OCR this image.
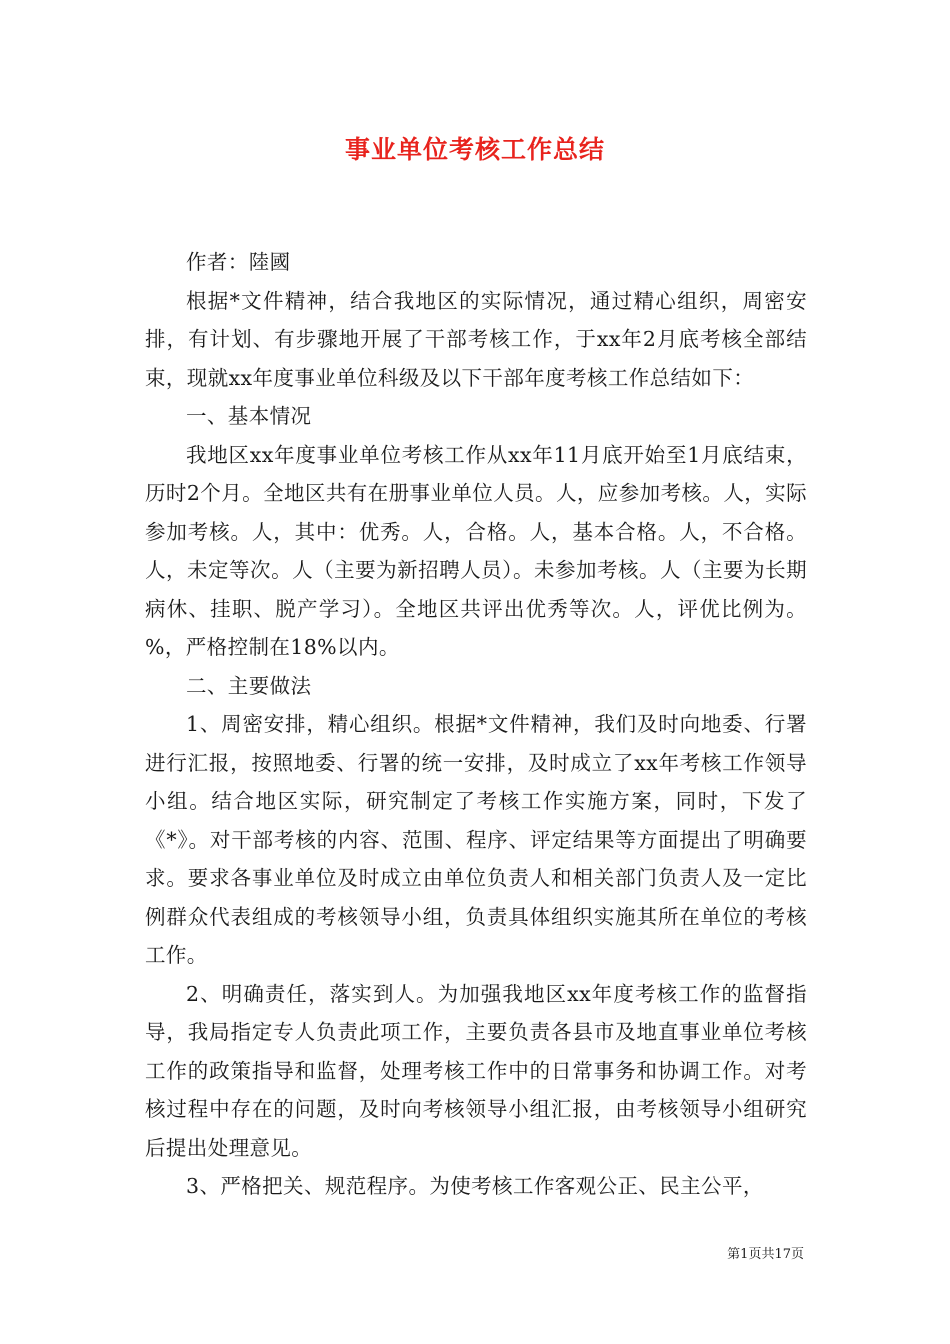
事业单位考核工作总结

作者：陸國

根据*文件精神，结合我地区的实际情况，通过精心组织，周密安排，有计划、有步骤地开展了干部考核工作，于xx年2月底考核全部结束，现就xx年度事业单位科级及以下干部年度考核工作总结如下：

一、基本情况

我地区xx年度事业单位考核工作从xx年11月底开始至1月底结束，历时2个月。全地区共有在册事业单位人员。人，应参加考核。人，实际参加考核。人，其中：优秀。人，合格。人，基本合格。人，不合格。人，未定等次。人（主要为新招聘人员）。未参加考核。人（主要为长期病休、挂职、脱产学习）。全地区共评出优秀等次。人，评优比例为。%，严格控制在18%以内。

二、主要做法

1、周密安排，精心组织。根据*文件精神，我们及时向地委、行署进行汇报，按照地委、行署的统一安排，及时成立了xx年考核工作领导小组。结合地区实际，研究制定了考核工作实施方案，同时，下发了《*》。对干部考核的内容、范围、程序、评定结果等方面提出了明确要求。要求各事业单位及时成立由单位负责人和相关部门负责人及一定比例群众代表组成的考核领导小组，负责具体组织实施其所在单位的考核工作。

2、明确责任，落实到人。为加强我地区xx年度考核工作的监督指导，我局指定专人负责此项工作，主要负责各县市及地直事业单位考核工作的政策指导和监督，处理考核工作中的日常事务和协调工作。对考核过程中存在的问题，及时向考核领导小组汇报，由考核领导小组研究后提出处理意见。

3、严格把关、规范程序。为使考核工作客观公正、民主公平，

第1页共17页
